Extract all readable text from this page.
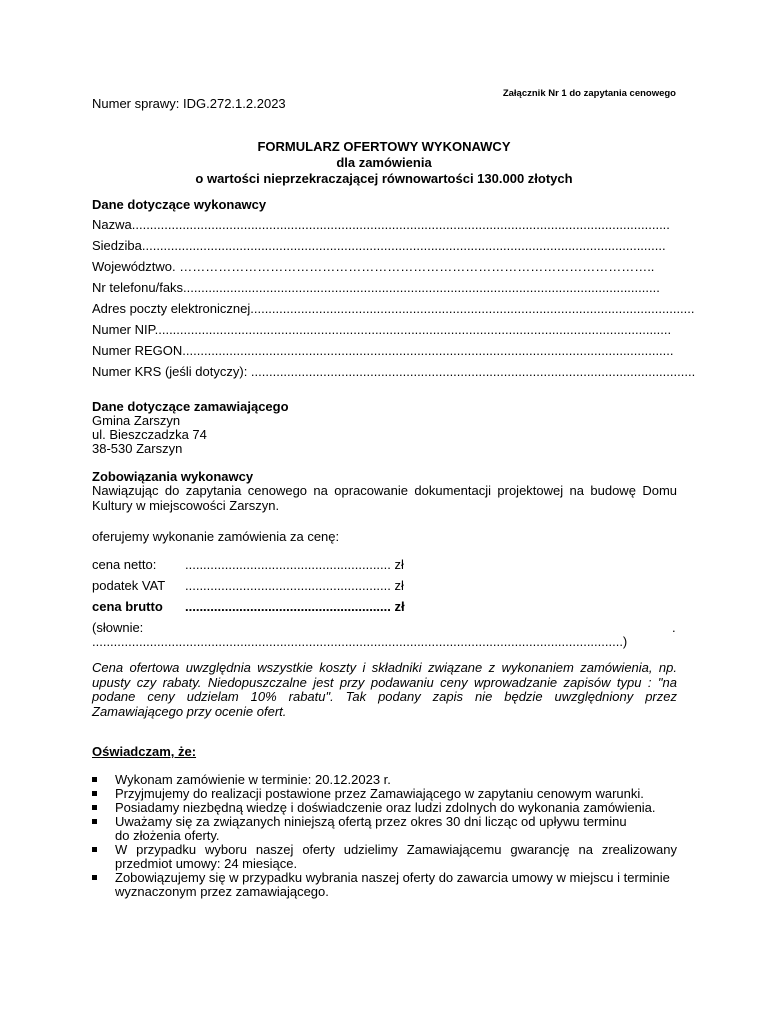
Załącznik Nr 1 do zapytania cenowego
Numer sprawy: IDG.272.1.2.2023
FORMULARZ OFERTOWY WYKONAWCY
dla zamówienia
o wartości nieprzekraczającej równowartości 130.000 złotych
Dane dotyczące wykonawcy
Nazwa.....................................................................................................................................................
Siedziba.................................................................................................................................................
Województwo. ………………………………………………………………………………………………..
Nr telefonu/faks....................................................................................................................................
Adres poczty elektronicznej...........................................................................................................................
Numer NIP...............................................................................................................................................
Numer REGON........................................................................................................................................
Numer KRS (jeśli dotyczy): ...........................................................................................................................
Dane dotyczące zamawiającego
Gmina Zarszyn
ul. Bieszczadzka 74
38-530 Zarszyn
Zobowiązania wykonawcy
Nawiązując do zapytania cenowego na opracowanie dokumentacji projektowej na budowę Domu Kultury w miejscowości Zarszyn.
oferujemy wykonanie zamówienia za cenę:
cena netto: ......................................................... zł
podatek VAT ......................................................... zł
cena brutto ......................................................... zł
(słownie:	.
...................................................................................................................................................)
Cena ofertowa uwzględnia wszystkie koszty i składniki związane z wykonaniem zamówienia, np. upusty czy rabaty. Niedopuszczalne jest przy podawaniu ceny wprowadzanie zapisów typu : "na podane ceny udzielam 10% rabatu". Tak podany zapis nie będzie uwzględniony przez Zamawiającego przy ocenie ofert.
Oświadczam, że:
Wykonam zamówienie w terminie: 20.12.2023 r.
Przyjmujemy do realizacji postawione przez Zamawiającego w zapytaniu cenowym warunki.
Posiadamy niezbędną wiedzę i doświadczenie oraz ludzi zdolnych do wykonania zamówienia.
Uważamy się za związanych niniejszą ofertą przez okres 30 dni licząc od upływu terminu do złożenia oferty.
W przypadku wyboru naszej oferty udzielimy Zamawiającemu gwarancję na zrealizowany przedmiot umowy: 24 miesiące.
Zobowiązujemy się w przypadku wybrania naszej oferty do zawarcia umowy w miejscu i terminie wyznaczonym przez zamawiającego.
